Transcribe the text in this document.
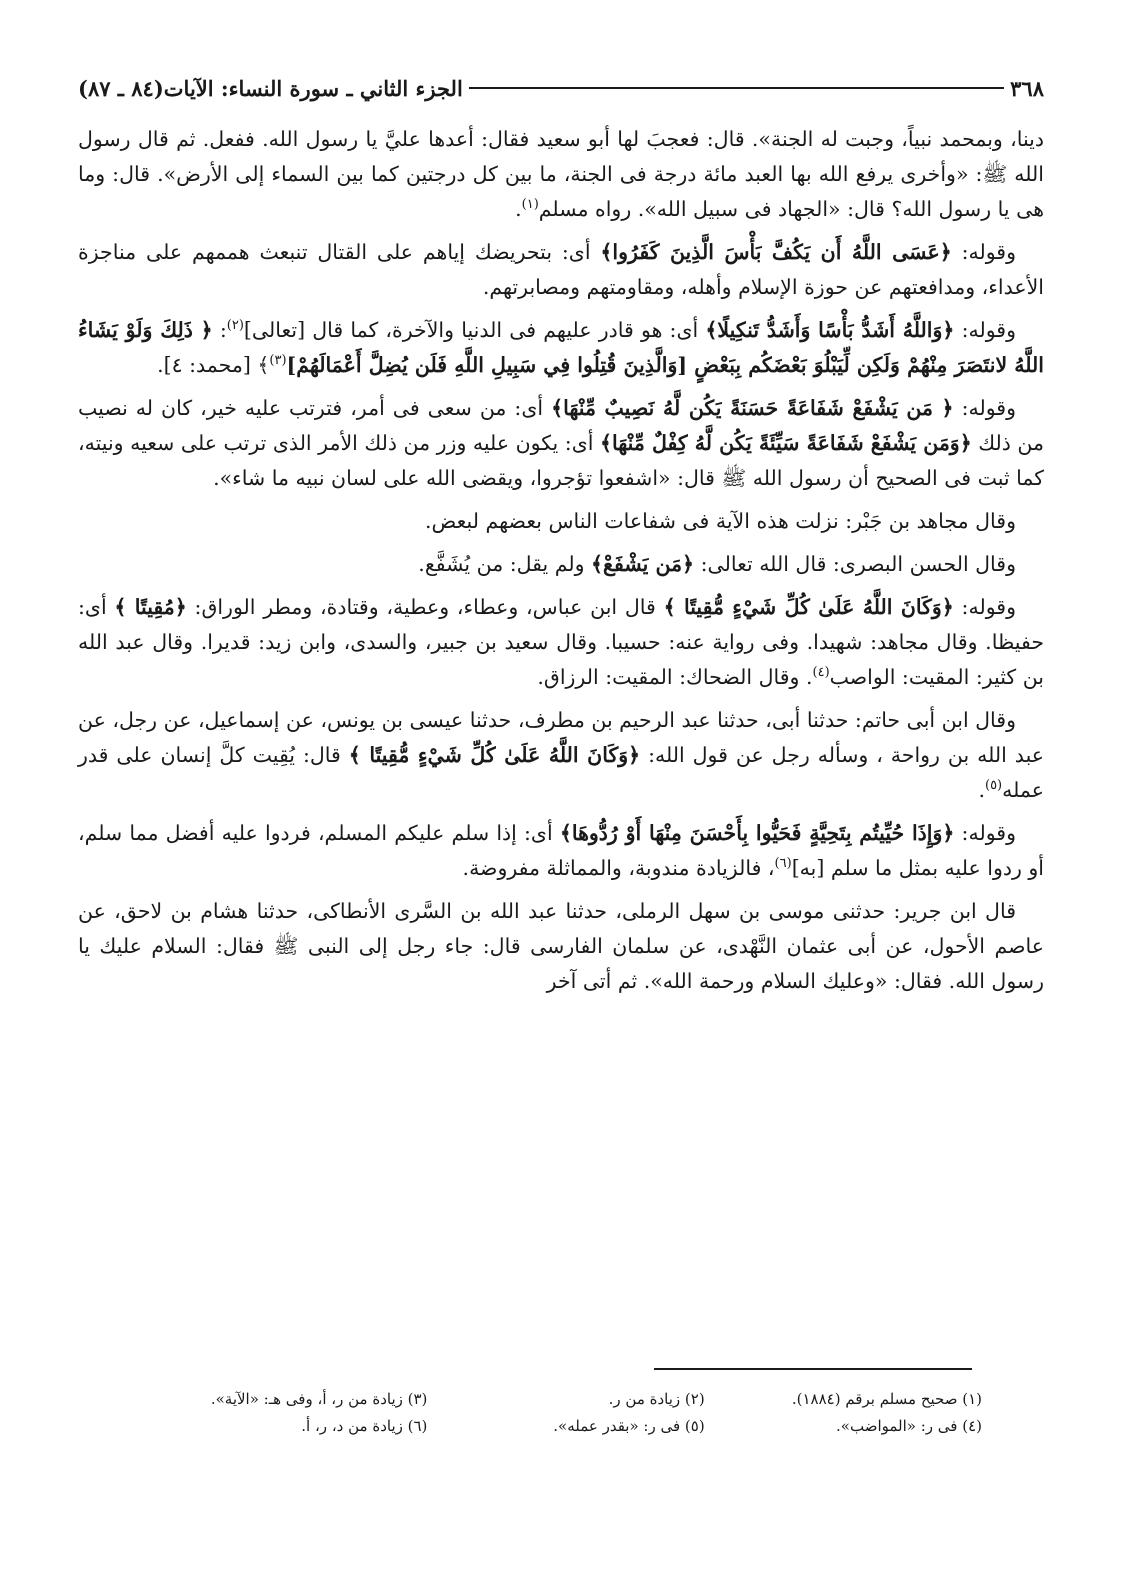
٣٦٨
الجزء الثاني ـ سورة النساء: الآيات(٨٤ ـ ٨٧)

دينا، وبمحمد نبياً، وجبت له الجنة». قال: فعجبَ لها أبو سعيد فقال: أعدها عليَّ يا رسول الله. ففعل. ثم قال رسول الله ﷺ: «وأخرى يرفع الله بها العبد مائة درجة فى الجنة، ما بين كل درجتين كما بين السماء إلى الأرض». قال: وما هى يا رسول الله؟ قال: «الجهاد فى سبيل الله». رواه مسلم$^{(١)}$.

وقوله: ﴿عَسَى اللَّهُ أَن يَكُفَّ بَأْسَ الَّذِينَ كَفَرُوا﴾ أى: بتحريضك إياهم على القتال تنبعث هممهم على مناجزة الأعداء، ومدافعتهم عن حوزة الإسلام وأهله، ومقاومتهم ومصابرتهم.

وقوله: ﴿وَاللَّهُ أَشَدُّ بَأْسًا وَأَشَدُّ تَنكِيلًا﴾ أى: هو قادر عليهم فى الدنيا والآخرة، كما قال [تعالى]$^{(٢)}$: ﴿ ذَلِكَ وَلَوْ يَشَاءُ اللَّهُ لانتَصَرَ مِنْهُمْ وَلَكِن لِّيَبْلُوَ بَعْضَكُم بِبَعْضٍ [وَالَّذِينَ قُتِلُوا فِي سَبِيلِ اللَّهِ فَلَن يُضِلَّ أَعْمَالَهُمْ]$^{(٣)}$﴾ [محمد: ٤].

وقوله: ﴿ مَن يَشْفَعْ شَفَاعَةً حَسَنَةً يَكُن لَّهُ نَصِيبٌ مِّنْهَا﴾ أى: من سعى فى أمر، فترتب عليه خير، كان له نصيب من ذلك ﴿وَمَن يَشْفَعْ شَفَاعَةً سَيِّئَةً يَكُن لَّهُ كِفْلٌ مِّنْهَا﴾ أى: يكون عليه وزر من ذلك الأمر الذى ترتب على سعيه ونيته، كما ثبت فى الصحيح أن رسول الله ﷺ قال: «اشفعوا تؤجروا، ويقضى الله على لسان نبيه ما شاء».

وقال مجاهد بن جَبْر: نزلت هذه الآية فى شفاعات الناس بعضهم لبعض.

وقال الحسن البصرى: قال الله تعالى: ﴿مَن يَشْفَعْ﴾ ولم يقل: من يُشَفَّع.

وقوله: ﴿وَكَانَ اللَّهُ عَلَىٰ كُلِّ شَيْءٍ مُّقِيتًا ﴾ قال ابن عباس، وعطاء، وعطية، وقتادة، ومطر الوراق: ﴿مُقِيتًا ﴾ أى: حفيظا. وقال مجاهد: شهيدا. وفى رواية عنه: حسيبا. وقال سعيد بن جبير، والسدى، وابن زيد: قديرا. وقال عبد الله بن كثير: المقيت: الواصب$^{(٤)}$. وقال الضحاك: المقيت: الرزاق.

وقال ابن أبى حاتم: حدثنا أبى، حدثنا عبد الرحيم بن مطرف، حدثنا عيسى بن يونس، عن إسماعيل، عن رجل، عن عبد الله بن رواحة ، وسأله رجل عن قول الله: ﴿وَكَانَ اللَّهُ عَلَىٰ كُلِّ شَيْءٍ مُّقِيتًا ﴾ قال: يُقِيت كلَّ إنسان على قدر عمله$^{(٥)}$.

وقوله: ﴿وَإِذَا حُيِّيتُم بِتَحِيَّةٍ فَحَيُّوا بِأَحْسَنَ مِنْهَا أَوْ رُدُّوهَا﴾ أى: إذا سلم عليكم المسلم، فردوا عليه أفضل مما سلم، أو ردوا عليه بمثل ما سلم [به]$^{(٦)}$، فالزيادة مندوبة، والمماثلة مفروضة.

قال ابن جرير: حدثنى موسى بن سهل الرملى، حدثنا عبد الله بن السَّرى الأنطاكى، حدثنا هشام بن لاحق، عن عاصم الأحول، عن أبى عثمان النَّهْدى، عن سلمان الفارسى قال: جاء رجل إلى النبى ﷺ فقال: السلام عليك يا رسول الله. فقال: «وعليك السلام ورحمة الله». ثم أتى آخر

(١) صحيح مسلم برقم (١٨٨٤).
(٢) زيادة من ر.
(٣) زيادة من ر، أ، وفى هـ: «الآية».
(٤) فى ر: «المواضب».
(٥) فى ر: «بقدر عمله».
(٦) زيادة من د، ر، أ.
